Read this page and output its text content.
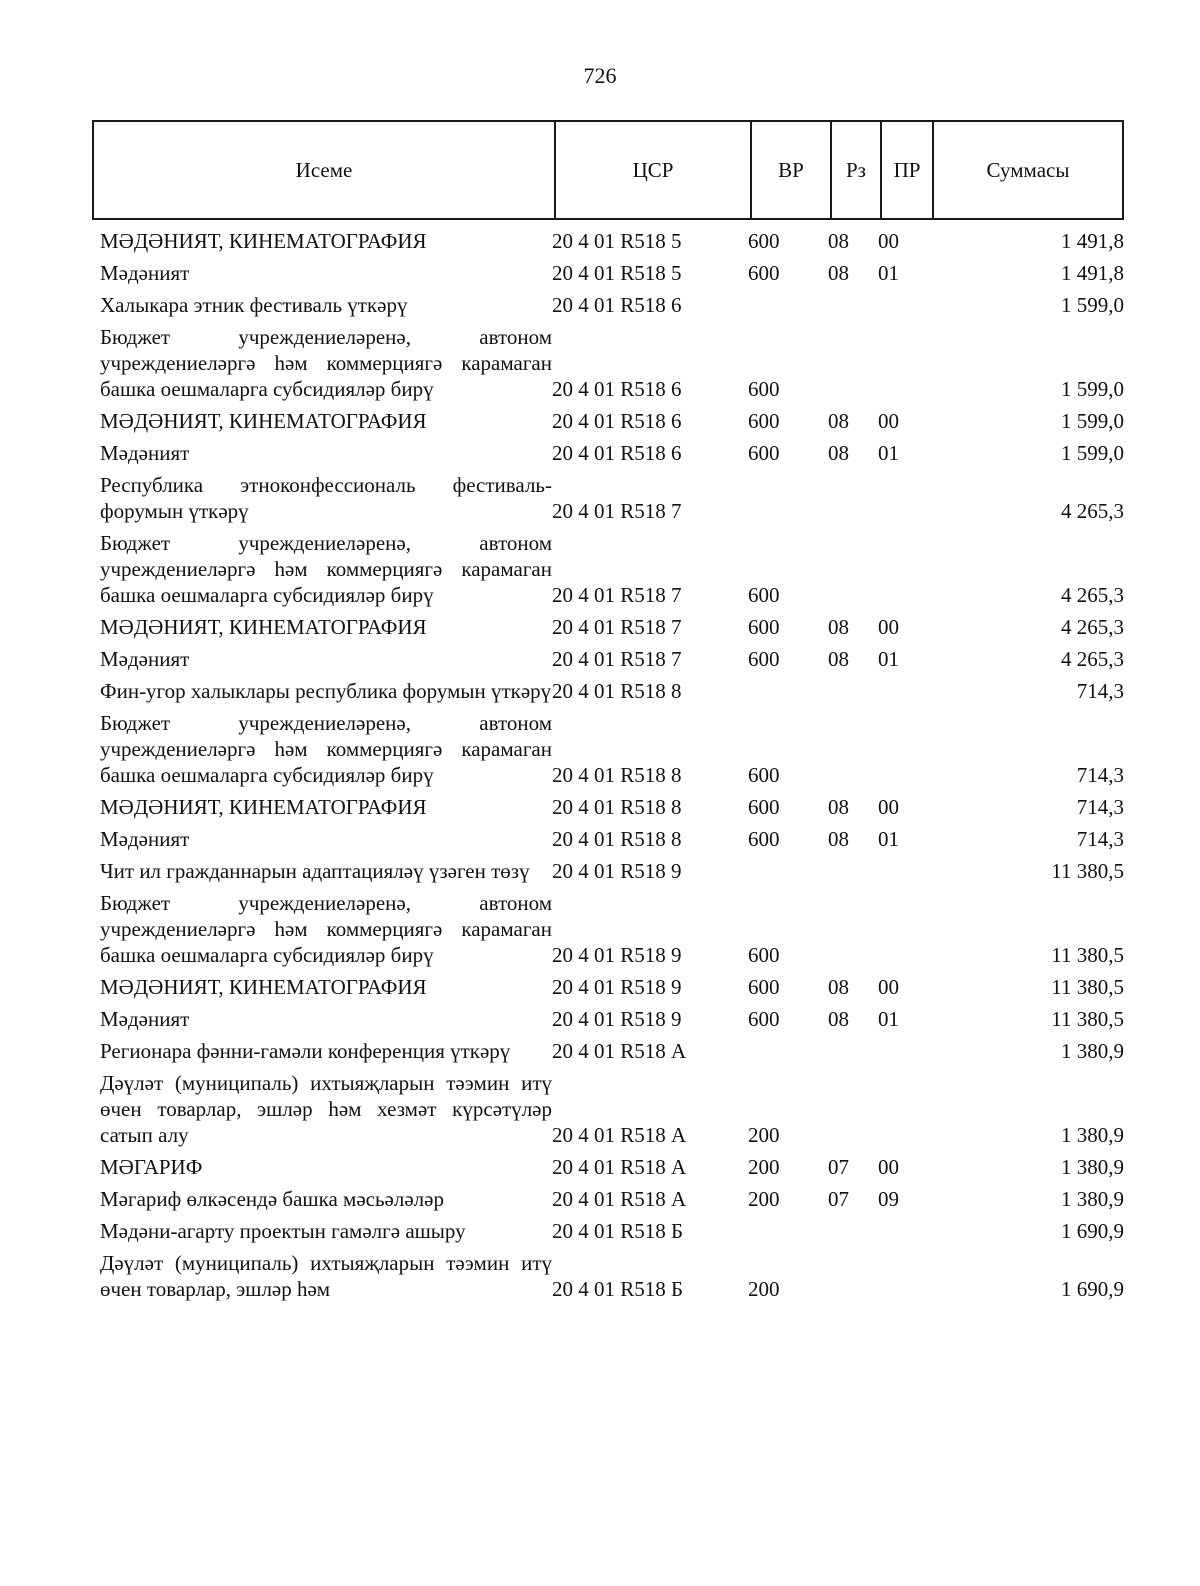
726
Исеме	ЦСР	ВР	Рз	ПР	Суммасы
МӘДӘНИЯТ, КИНЕМАТОГРАФИЯ	20 4 01 R518 5	600	08	00	1 491,8
Мәдәният	20 4 01 R518 5	600	08	01	1 491,8
Халыкара этник фестиваль үткәрү	20 4 01 R518 6				1 599,0
Бюджет учреждениеләренә, автоном учреждениеләргә һәм коммерциягә карамаган башка оешмаларга субсидияләр бирү	20 4 01 R518 6	600			1 599,0
МӘДӘНИЯТ, КИНЕМАТОГРАФИЯ	20 4 01 R518 6	600	08	00	1 599,0
Мәдәният	20 4 01 R518 6	600	08	01	1 599,0
Республика этноконфессиональ фестиваль-форумын үткәрү	20 4 01 R518 7				4 265,3
Бюджет учреждениеләренә, автоном учреждениеләргә һәм коммерциягә карамаган башка оешмаларга субсидияләр бирү	20 4 01 R518 7	600			4 265,3
МӘДӘНИЯТ, КИНЕМАТОГРАФИЯ	20 4 01 R518 7	600	08	00	4 265,3
Мәдәният	20 4 01 R518 7	600	08	01	4 265,3
Фин-угор халыклары республика форумын үткәрү	20 4 01 R518 8				714,3
Бюджет учреждениеләренә, автоном учреждениеләргә һәм коммерциягә карамаган башка оешмаларга субсидияләр бирү	20 4 01 R518 8	600			714,3
МӘДӘНИЯТ, КИНЕМАТОГРАФИЯ	20 4 01 R518 8	600	08	00	714,3
Мәдәният	20 4 01 R518 8	600	08	01	714,3
Чит ил гражданнарын адаптацияләү үзәген төзү	20 4 01 R518 9				11 380,5
Бюджет учреждениеләренә, автоном учреждениеләргә һәм коммерциягә карамаган башка оешмаларга субсидияләр бирү	20 4 01 R518 9	600			11 380,5
МӘДӘНИЯТ, КИНЕМАТОГРАФИЯ	20 4 01 R518 9	600	08	00	11 380,5
Мәдәният	20 4 01 R518 9	600	08	01	11 380,5
Регионара фәнни-гамәли конференция үткәрү	20 4 01 R518 А				1 380,9
Дәүләт (муниципаль) ихтыяҗларын тәэмин итү өчен товарлар, эшләр һәм хезмәт күрсәтүләр сатып алу	20 4 01 R518 А	200			1 380,9
МӘГАРИФ	20 4 01 R518 А	200	07	00	1 380,9
Мәгариф өлкәсендә башка мәсьәләләр	20 4 01 R518 А	200	07	09	1 380,9
Мәдәни-агарту проектын гамәлгә ашыру	20 4 01 R518 Б				1 690,9
Дәүләт (муниципаль) ихтыяҗларын тәэмин итү өчен товарлар, эшләр һәм	20 4 01 R518 Б	200			1 690,9
